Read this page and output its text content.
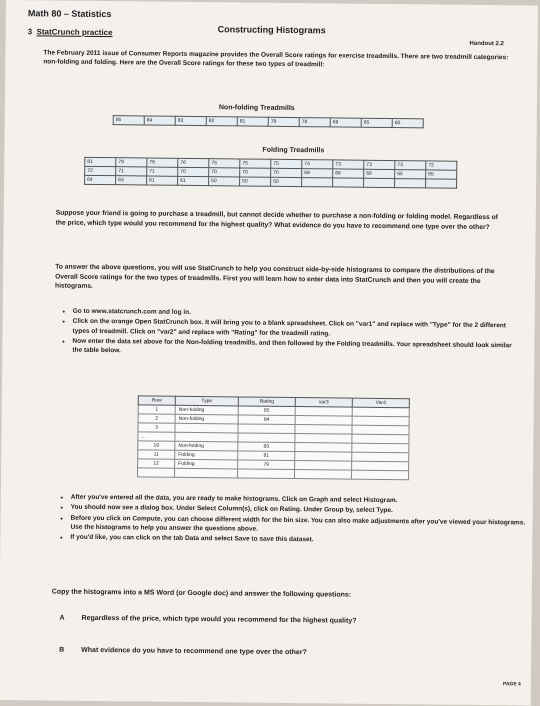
Math 80 – Statistics
Constructing Histograms
Handout 2.2
3 StatCrunch practice

The February 2011 issue of Consumer Reports magazine provides the Overall Score ratings for exercise treadmills. There are two treadmill categories: non-folding and folding. Here are the Overall Score ratings for these two types of treadmill:

Non-folding Treadmills
85	84	83	82	81	78	78	69	65	60
Folding Treadmills
81	79	76	76	75	75	75	74	73	73	73	72
72	71	71	70	70	70	70	69	66	66	65	65
64	63	61	61	50	50	50					

Suppose your friend is going to purchase a treadmill, but cannot decide whether to purchase a non-folding or folding model. Regardless of the price, which type would you recommend for the highest quality? What evidence do you have to recommend one type over the other?

To answer the above questions, you will use StatCrunch to help you construct side-by-side histograms to compare the distributions of the Overall Score ratings for the two types of treadmills. First you will learn how to enter data into StatCrunch and then you will create the histograms.

• Go to www.statcrunch.com and log in.
• Click on the orange Open StatCrunch box. It will bring you to a blank spreadsheet. Click on "var1" and replace with "Type" for the 2 different types of treadmill. Click on "var2" and replace with "Rating" for the treadmill rating.
• Now enter the data set above for the Non-folding treadmills, and then followed by the Folding treadmills. Your spreadsheet should look similar the table below.
Row	Type	Rating	var3	Var4
1	Non-folding	85		
2	Non-folding	84		
3				
...				
10	Non-folding	60		
11	Folding	81		
12	Folding	79		

• After you've entered all the data, you are ready to make histograms. Click on Graph and select Histogram.
• You should now see a dialog box. Under Select Column(s), click on Rating. Under Group by, select Type.
• Before you click on Compute, you can choose different width for the bin size. You can also make adjustments after you've viewed your histograms. Use the histograms to help you answer the questions above.
• If you'd like, you can click on the tab Data and select Save to save this dataset.
Copy the histograms into a MS Word (or Google doc) and answer the following questions:
A Regardless of the price, which type would you recommend for the highest quality?
B What evidence do you have to recommend one type over the other?
PAGE 4
